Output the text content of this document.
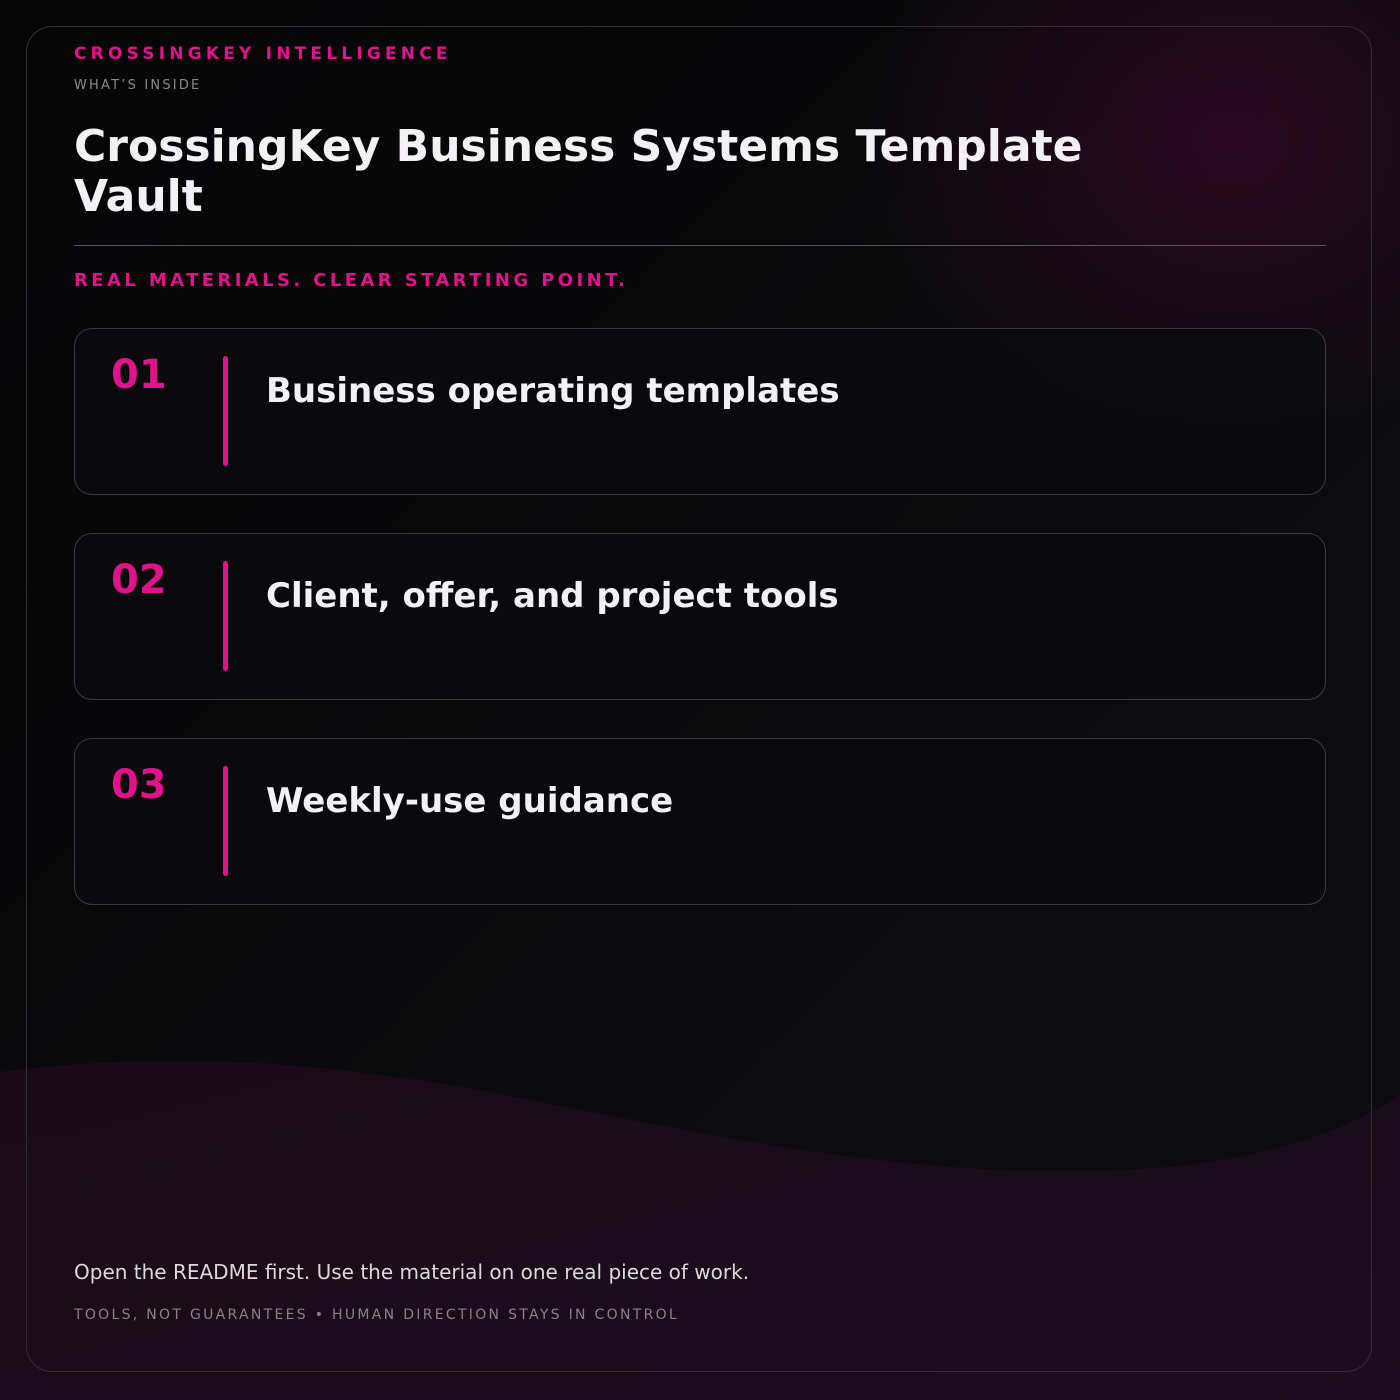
CROSSINGKEY INTELLIGENCE

WHAT’S INSIDE

CrossingKey Business Systems Template Vault

REAL MATERIALS. CLEAR STARTING POINT.

01	Business operating templates

02	Client, offer, and project tools

03	Weekly-use guidance

Open the README first. Use the material on one real piece of work.

TOOLS, NOT GUARANTEES • HUMAN DIRECTION STAYS IN CONTROL
